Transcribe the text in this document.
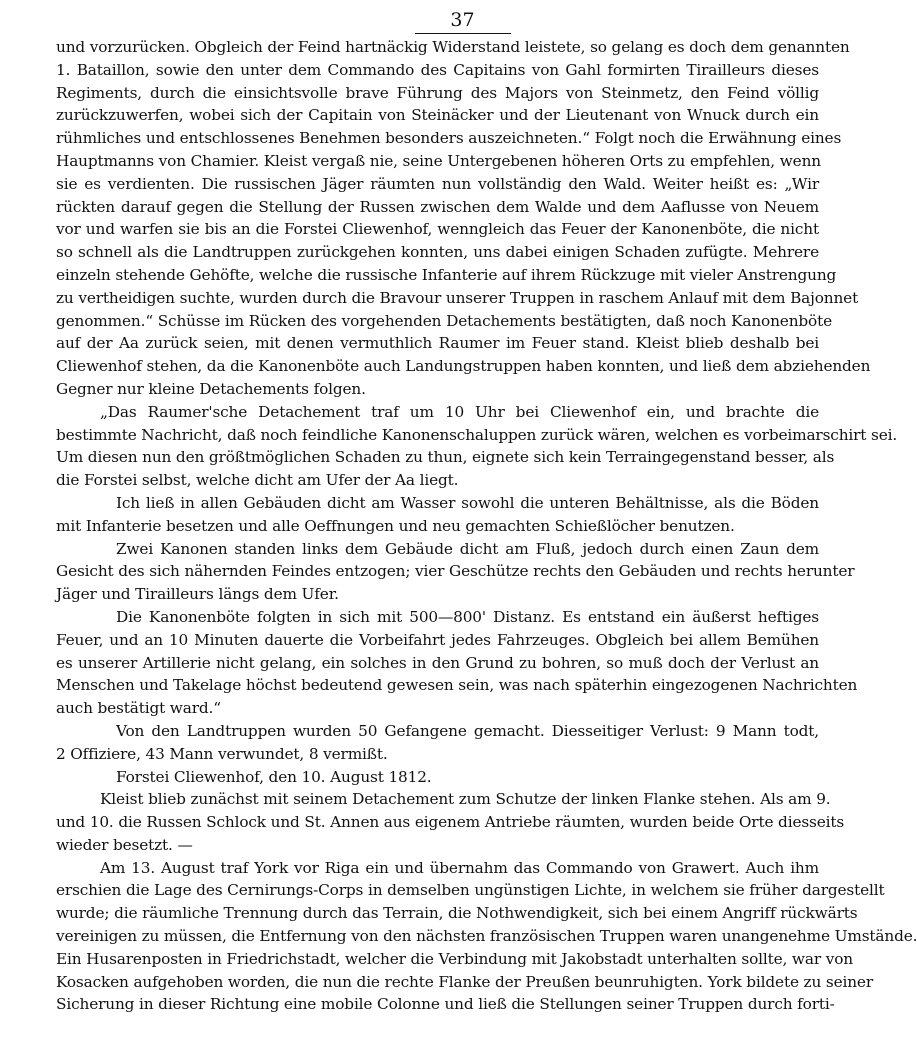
37
und vorzurücken. Obgleich der Feind hartnäckig Widerstand leistete, so gelang es doch dem genannten
1. Bataillon, sowie den unter dem Commando des Capitains von Gahl formirten Tirailleurs dieses
Regiments, durch die einsichtsvolle brave Führung des Majors von Steinmetz, den Feind völlig
zurückzuwerfen, wobei sich der Capitain von Steinäcker und der Lieutenant von Wnuck durch ein
rühmliches und entschlossenes Benehmen besonders auszeichneten.“ Folgt noch die Erwähnung eines
Hauptmanns von Chamier. Kleist vergaß nie, seine Untergebenen höheren Orts zu empfehlen, wenn
sie es verdienten. Die russischen Jäger räumten nun vollständig den Wald. Weiter heißt es: „Wir
rückten darauf gegen die Stellung der Russen zwischen dem Walde und dem Aaflusse von Neuem
vor und warfen sie bis an die Forstei Cliewenhof, wenngleich das Feuer der Kanonenböte, die nicht
so schnell als die Landtruppen zurückgehen konnten, uns dabei einigen Schaden zufügte. Mehrere
einzeln stehende Gehöfte, welche die russische Infanterie auf ihrem Rückzuge mit vieler Anstrengung
zu vertheidigen suchte, wurden durch die Bravour unserer Truppen in raschem Anlauf mit dem Bajonnet
genommen.“ Schüsse im Rücken des vorgehenden Detachements bestätigten, daß noch Kanonenböte
auf der Aa zurück seien, mit denen vermuthlich Raumer im Feuer stand. Kleist blieb deshalb bei
Cliewenhof stehen, da die Kanonenböte auch Landungstruppen haben konnten, und ließ dem abziehenden
Gegner nur kleine Detachements folgen.
„Das Raumer'sche Detachement traf um 10 Uhr bei Cliewenhof ein, und brachte die
bestimmte Nachricht, daß noch feindliche Kanonenschaluppen zurück wären, welchen es vorbeimarschirt sei.
Um diesen nun den größtmöglichen Schaden zu thun, eignete sich kein Terraingegenstand besser, als
die Forstei selbst, welche dicht am Ufer der Aa liegt.
Ich ließ in allen Gebäuden dicht am Wasser sowohl die unteren Behältnisse, als die Böden
mit Infanterie besetzen und alle Oeffnungen und neu gemachten Schießlöcher benutzen.
Zwei Kanonen standen links dem Gebäude dicht am Fluß, jedoch durch einen Zaun dem
Gesicht des sich nähernden Feindes entzogen; vier Geschütze rechts den Gebäuden und rechts herunter
Jäger und Tirailleurs längs dem Ufer.
Die Kanonenböte folgten in sich mit 500—800' Distanz. Es entstand ein äußerst heftiges
Feuer, und an 10 Minuten dauerte die Vorbeifahrt jedes Fahrzeuges. Obgleich bei allem Bemühen
es unserer Artillerie nicht gelang, ein solches in den Grund zu bohren, so muß doch der Verlust an
Menschen und Takelage höchst bedeutend gewesen sein, was nach späterhin eingezogenen Nachrichten
auch bestätigt ward.“
Von den Landtruppen wurden 50 Gefangene gemacht. Diesseitiger Verlust: 9 Mann todt,
2 Offiziere, 43 Mann verwundet, 8 vermißt.
Forstei Cliewenhof, den 10. August 1812.
Kleist blieb zunächst mit seinem Detachement zum Schutze der linken Flanke stehen. Als am 9.
und 10. die Russen Schlock und St. Annen aus eigenem Antriebe räumten, wurden beide Orte diesseits
wieder besetzt. —
Am 13. August traf York vor Riga ein und übernahm das Commando von Grawert. Auch ihm
erschien die Lage des Cernirungs-Corps in demselben ungünstigen Lichte, in welchem sie früher dargestellt
wurde; die räumliche Trennung durch das Terrain, die Nothwendigkeit, sich bei einem Angriff rückwärts
vereinigen zu müssen, die Entfernung von den nächsten französischen Truppen waren unangenehme Umstände.
Ein Husarenposten in Friedrichstadt, welcher die Verbindung mit Jakobstadt unterhalten sollte, war von
Kosacken aufgehoben worden, die nun die rechte Flanke der Preußen beunruhigten. York bildete zu seiner
Sicherung in dieser Richtung eine mobile Colonne und ließ die Stellungen seiner Truppen durch forti-
